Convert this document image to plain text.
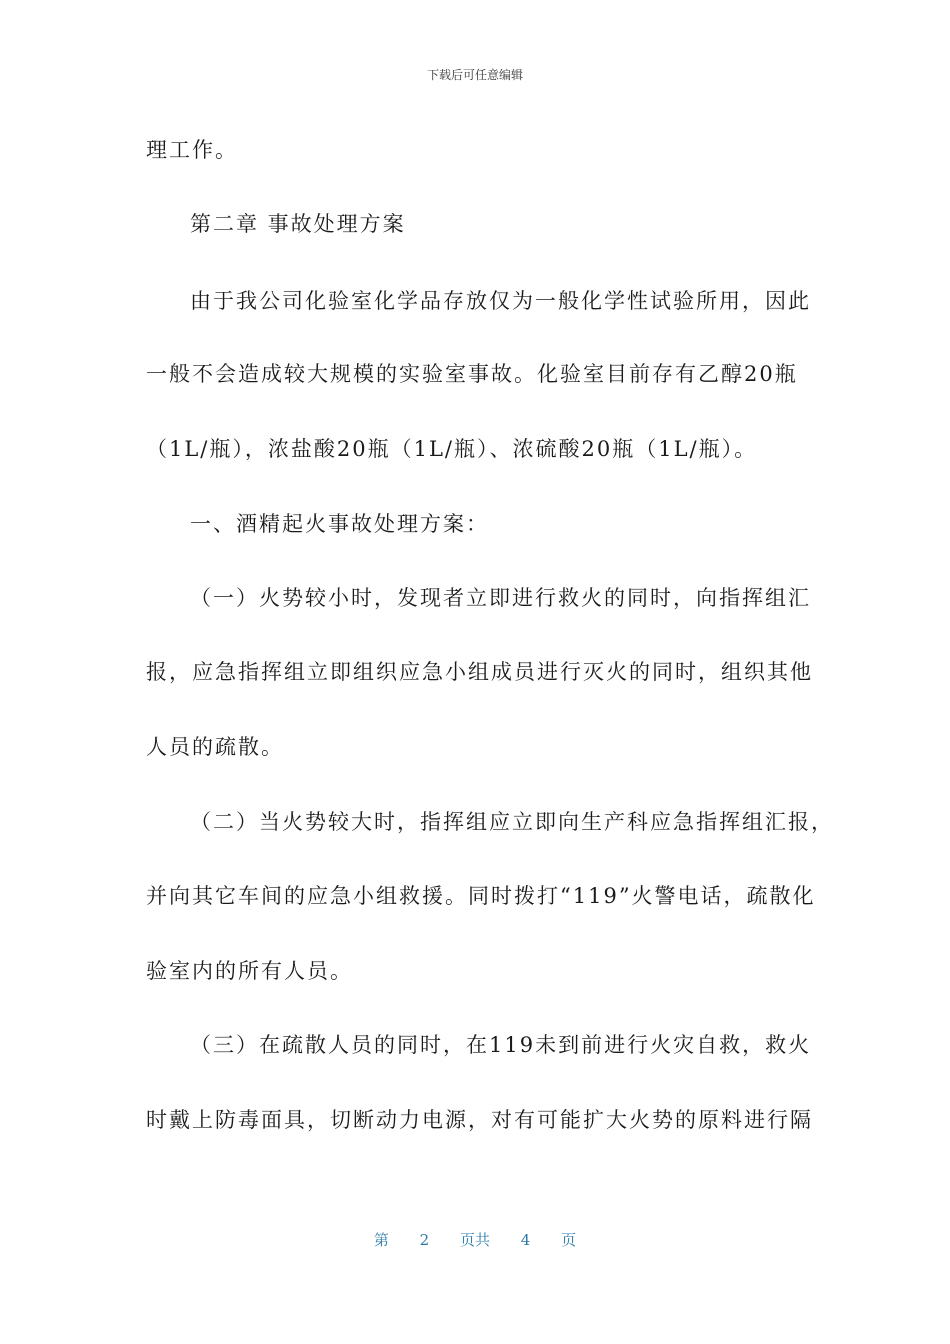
下载后可任意编辑
理工作。
第二章 事故处理方案
由于我公司化验室化学品存放仅为一般化学性试验所用，因此
一般不会造成较大规模的实验室事故。化验室目前存有乙醇20瓶
（1L/瓶），浓盐酸20瓶（1L/瓶）、浓硫酸20瓶（1L/瓶）。
一、酒精起火事故处理方案：
（一）火势较小时，发现者立即进行救火的同时，向指挥组汇
报，应急指挥组立即组织应急小组成员进行灭火的同时，组织其他
人员的疏散。
（二）当火势较大时，指挥组应立即向生产科应急指挥组汇报，
并向其它车间的应急小组救援。同时拨打“119”火警电话，疏散化
验室内的所有人员。
（三）在疏散人员的同时，在119未到前进行火灾自救，救火
时戴上防毒面具，切断动力电源，对有可能扩大火势的原料进行隔
第 2 页共 4 页
